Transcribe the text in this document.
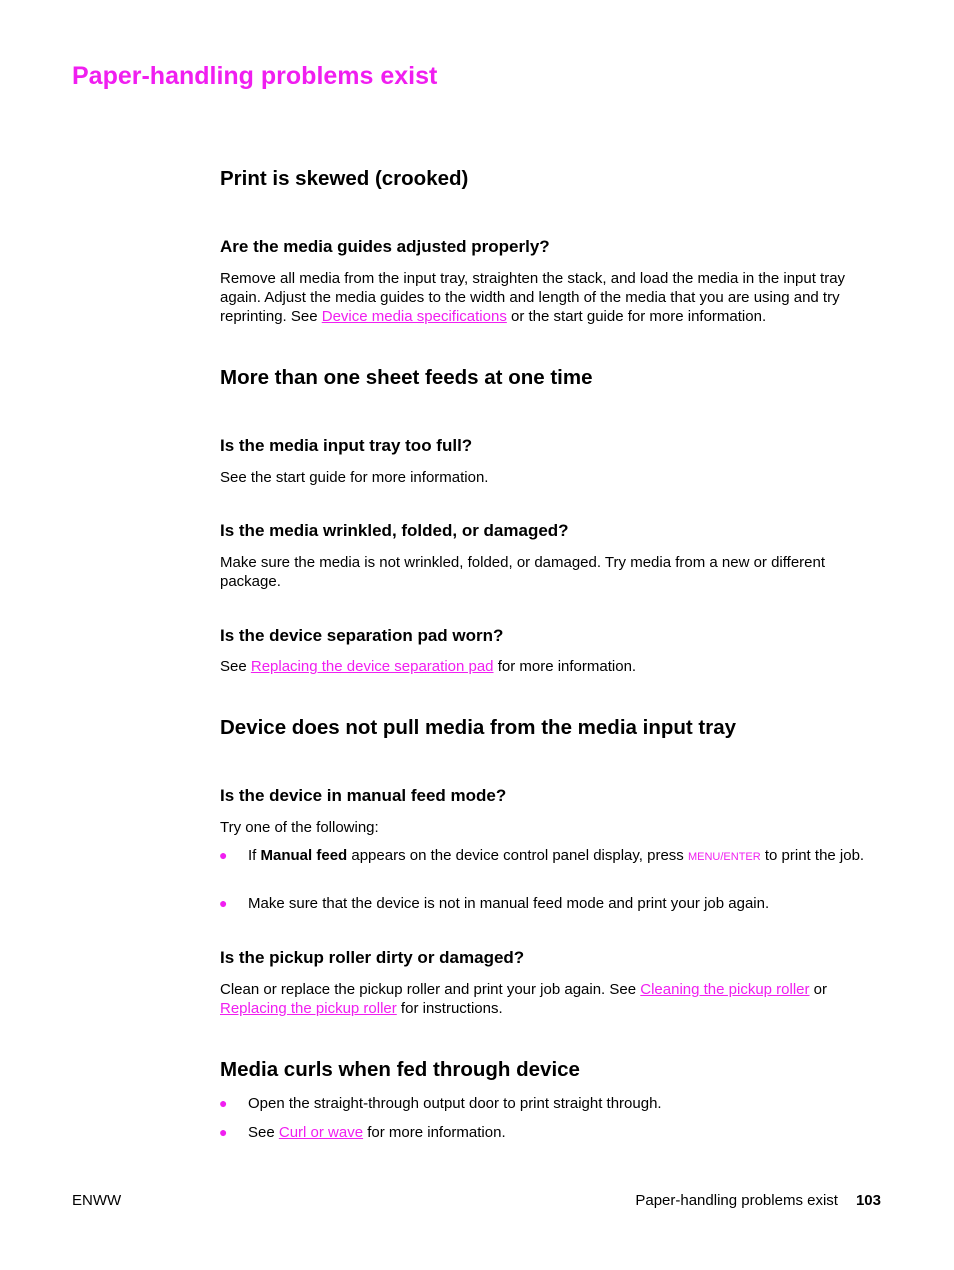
Paper-handling problems exist
Print is skewed (crooked)
Are the media guides adjusted properly?

Remove all media from the input tray, straighten the stack, and load the media in the input tray again. Adjust the media guides to the width and length of the media that you are using and try reprinting. See Device media specifications or the start guide for more information.

More than one sheet feeds at one time
Is the media input tray too full?

See the start guide for more information.

Is the media wrinkled, folded, or damaged?

Make sure the media is not wrinkled, folded, or damaged. Try media from a new or different package.

Is the device separation pad worn?

See Replacing the device separation pad for more information.

Device does not pull media from the media input tray
Is the device in manual feed mode?

Try one of the following:

● If Manual feed appears on the device control panel display, press MENU/ENTER to print the job.

● Make sure that the device is not in manual feed mode and print your job again.

Is the pickup roller dirty or damaged?

Clean or replace the pickup roller and print your job again. See Cleaning the pickup roller or Replacing the pickup roller for instructions.

Media curls when fed through device
● Open the straight-through output door to print straight through.

● See Curl or wave for more information.

ENWW	Paper-handling problems exist 103
